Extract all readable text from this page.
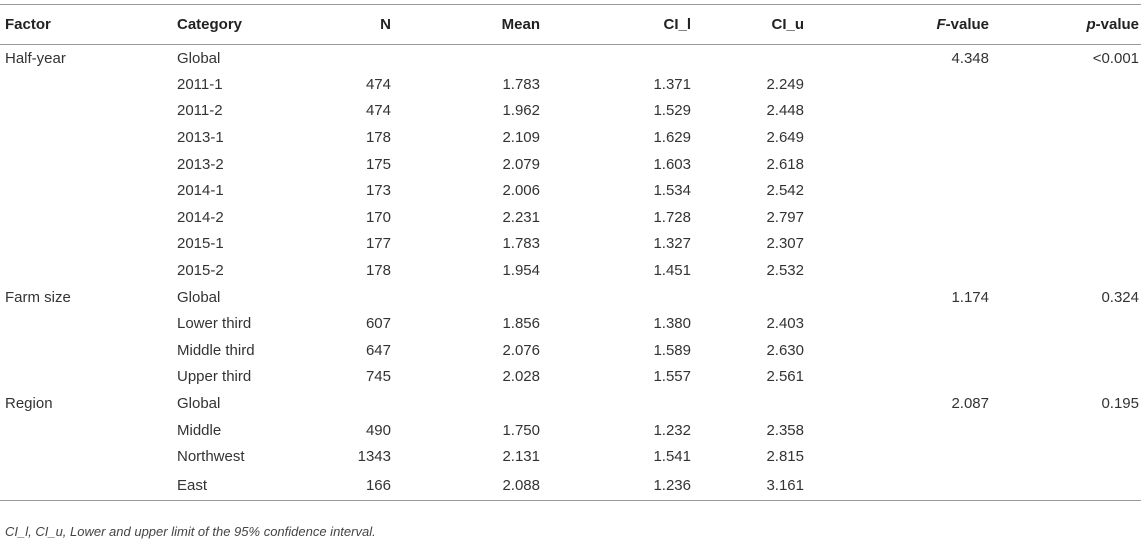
Factor	Category	N	Mean	CI_l	CI_u	F-value	p-value
Half-year	Global					4.348	<0.001
	2011-1	474	1.783	1.371	2.249		
	2011-2	474	1.962	1.529	2.448		
	2013-1	178	2.109	1.629	2.649		
	2013-2	175	2.079	1.603	2.618		
	2014-1	173	2.006	1.534	2.542		
	2014-2	170	2.231	1.728	2.797		
	2015-1	177	1.783	1.327	2.307		
	2015-2	178	1.954	1.451	2.532		
Farm size	Global					1.174	0.324
	Lower third	607	1.856	1.380	2.403		
	Middle third	647	2.076	1.589	2.630		
	Upper third	745	2.028	1.557	2.561		
Region	Global					2.087	0.195
	Middle	490	1.750	1.232	2.358		
	Northwest	1343	2.131	1.541	2.815		
	East	166	2.088	1.236	3.161		
CI_l, CI_u, Lower and upper limit of the 95% confidence interval.
